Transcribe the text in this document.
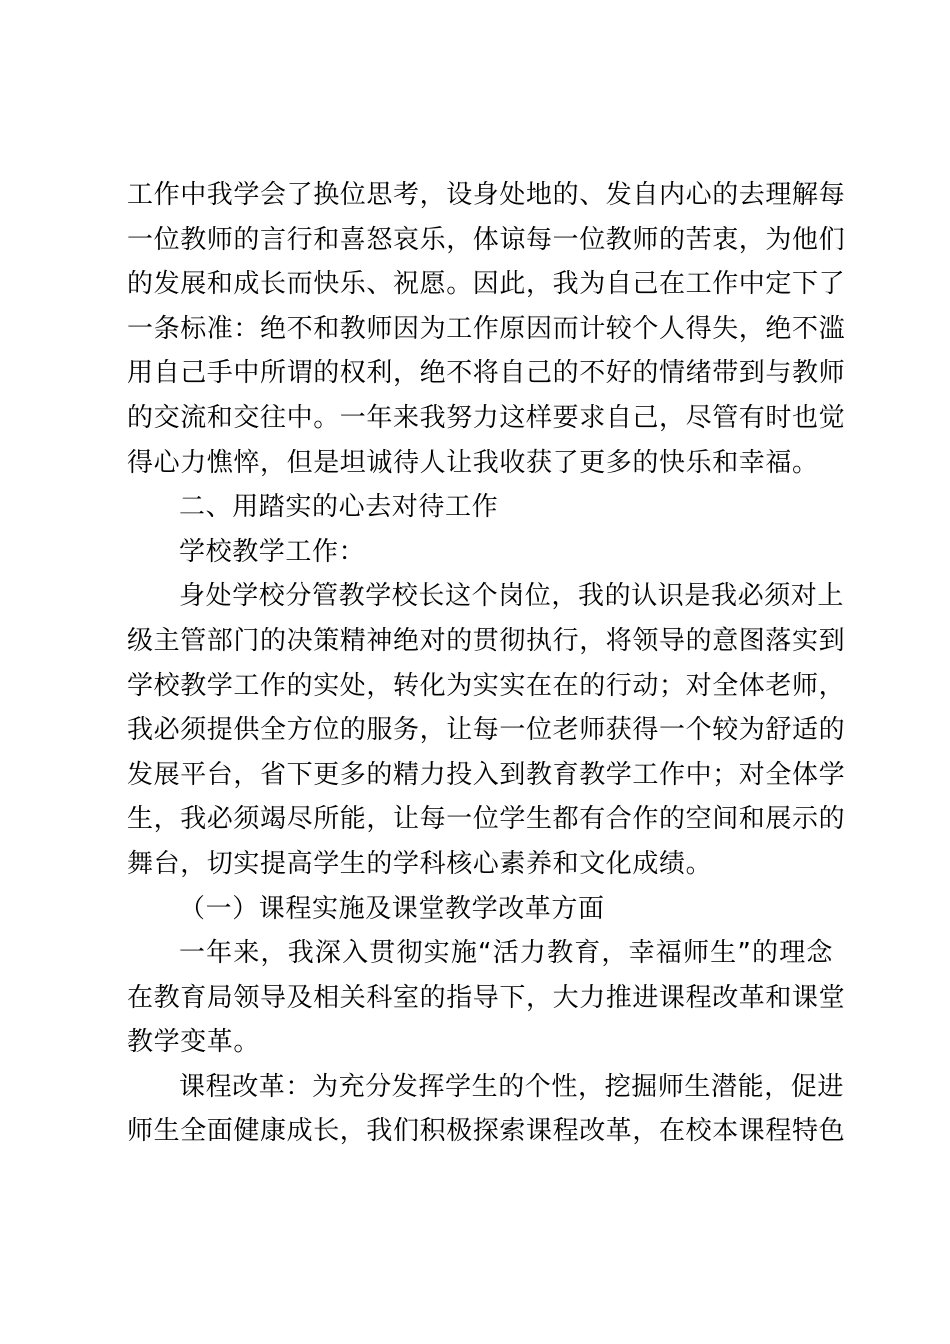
工作中我学会了换位思考，设身处地的、发自内心的去理解每
一位教师的言行和喜怒哀乐，体谅每一位教师的苦衷，为他们
的发展和成长而快乐、祝愿。因此，我为自己在工作中定下了
一条标准：绝不和教师因为工作原因而计较个人得失，绝不滥
用自己手中所谓的权利，绝不将自己的不好的情绪带到与教师
的交流和交往中。一年来我努力这样要求自己，尽管有时也觉
得心力憔悴，但是坦诚待人让我收获了更多的快乐和幸福。
二、用踏实的心去对待工作
学校教学工作：
身处学校分管教学校长这个岗位，我的认识是我必须对上
级主管部门的决策精神绝对的贯彻执行，将领导的意图落实到
学校教学工作的实处，转化为实实在在的行动；对全体老师，
我必须提供全方位的服务，让每一位老师获得一个较为舒适的
发展平台，省下更多的精力投入到教育教学工作中；对全体学
生，我必须竭尽所能，让每一位学生都有合作的空间和展示的
舞台，切实提高学生的学科核心素养和文化成绩。
（一）课程实施及课堂教学改革方面
一年来，我深入贯彻实施“活力教育，幸福师生”的理念
在教育局领导及相关科室的指导下，大力推进课程改革和课堂
教学变革。
课程改革：为充分发挥学生的个性，挖掘师生潜能，促进
师生全面健康成长，我们积极探索课程改革，在校本课程特色
